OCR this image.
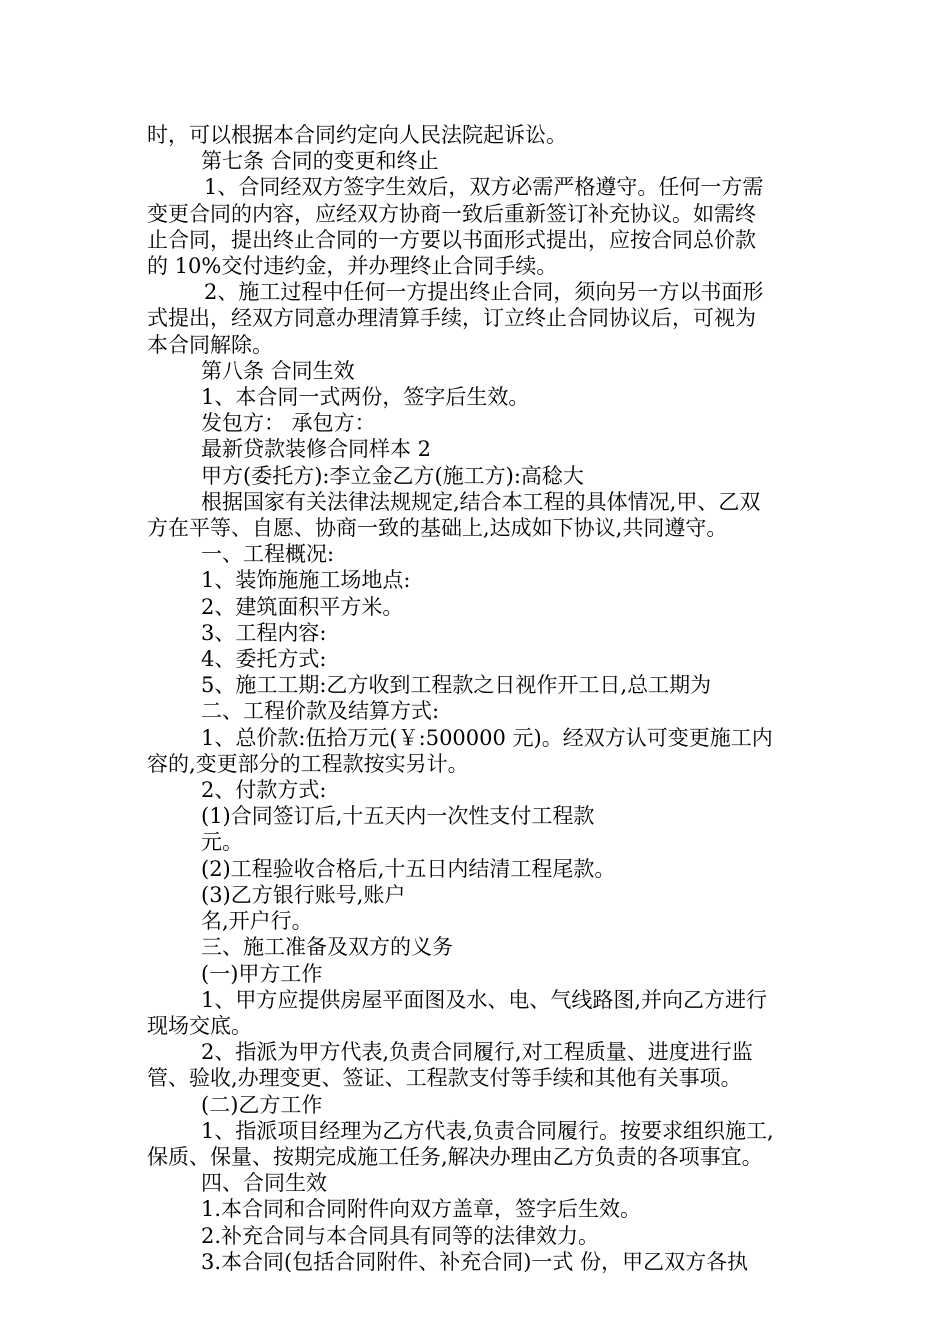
时，可以根据本合同约定向人民法院起诉讼。

第七条 合同的变更和终止

1、合同经双方签字生效后，双方必需严格遵守。任何一方需

变更合同的内容，应经双方协商一致后重新签订补充协议。如需终

止合同，提出终止合同的一方要以书面形式提出，应按合同总价款

的 10%交付违约金，并办理终止合同手续。

2、施工过程中任何一方提出终止合同，须向另一方以书面形

式提出，经双方同意办理清算手续，订立终止合同协议后，可视为

本合同解除。

第八条 合同生效

1、本合同一式两份，签字后生效。

发包方： 承包方：

最新贷款装修合同样本 2

甲方(委托方):李立金乙方(施工方):高稔大

根据国家有关法律法规规定,结合本工程的具体情况,甲、乙双

方在平等、自愿、协商一致的基础上,达成如下协议,共同遵守。

一、工程概况:

1、装饰施施工场地点:

2、建筑面积平方米。

3、工程内容:

4、委托方式:

5、施工工期:乙方收到工程款之日视作开工日,总工期为

二、工程价款及结算方式:

1、总价款:伍拾万元(￥:500000 元)。经双方认可变更施工内

容的,变更部分的工程款按实另计。

2、付款方式:

(1)合同签订后,十五天内一次性支付工程款

元。

(2)工程验收合格后,十五日内结清工程尾款。

(3)乙方银行账号,账户

名,开户行。

三、施工准备及双方的义务

(一)甲方工作

1、甲方应提供房屋平面图及水、电、气线路图,并向乙方进行

现场交底。

2、指派为甲方代表,负责合同履行,对工程质量、进度进行监

管、验收,办理变更、签证、工程款支付等手续和其他有关事项。

(二)乙方工作

1、指派项目经理为乙方代表,负责合同履行。按要求组织施工,

保质、保量、按期完成施工任务,解决办理由乙方负责的各项事宜。

四、合同生效

1.本合同和合同附件向双方盖章，签字后生效。

2.补充合同与本合同具有同等的法律效力。

3.本合同(包括合同附件、补充合同)一式 份，甲乙双方各执
